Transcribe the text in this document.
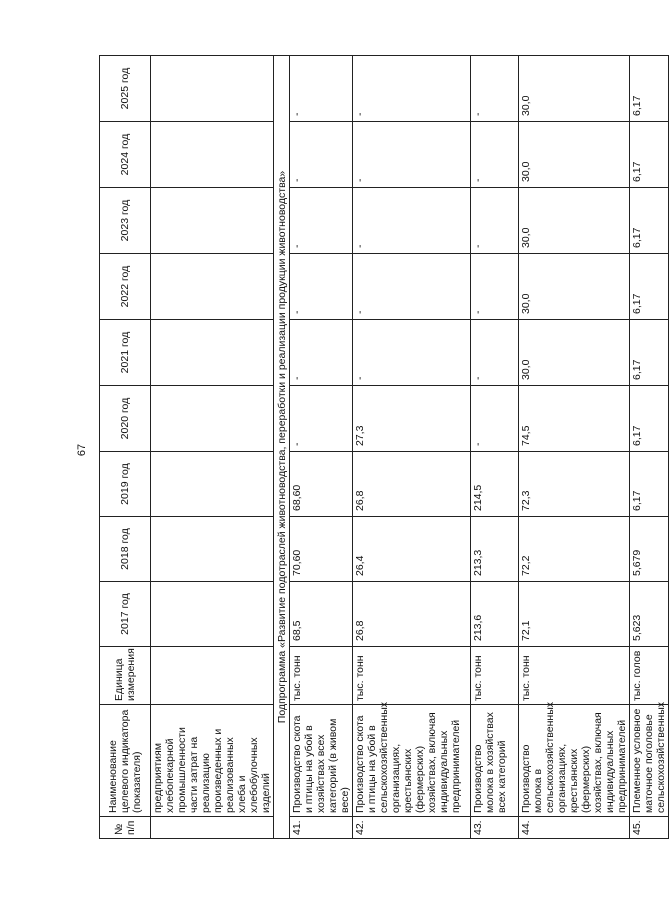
67
№ п/п	Наименование целевого индикатора (показателя)	Единица измерения	2017 год	2018 год	2019 год	2020 год	2021 год	2022 год	2023 год	2024 год	2025 год
	предприятиям хлебопекарной промышленности части затрат на реализацию произведенных и реализованных хлеба и хлебобулочных изделий										
Подпрограмма «Развитие подотраслей животноводства, переработки и реализации продукции животноводства»											
41.	Производство скота и птицы на убой в хозяйствах всех категорий (в живом весе)	тыс. тонн	68,5	70,60	68,60	-	-	-	-	-	-
42.	Производство скота и птицы на убой в сельскохозяйственных организациях, крестьянских (фермерских) хозяйствах, включая индивидуальных предпринимателей	тыс. тонн	26,8	26,4	26,8	27,3	-	-	-	-	-
43.	Производство молока в хозяйствах всех категорий	тыс. тонн	213,6	213,3	214,5	-	-	-	-	-	-
44.	Производство молока в сельскохозяйственных организациях, крестьянских (фермерских) хозяйствах, включая индивидуальных предпринимателей	тыс. тонн	72,1	72,2	72,3	74,5	30,0	30,0	30,0	30,0	30,0
45.	Племенное условное маточное поголовье сельскохозяйственных	тыс. голов	5,623	5,679	6,17	6,17	6,17	6,17	6,17	6,17	6,17
